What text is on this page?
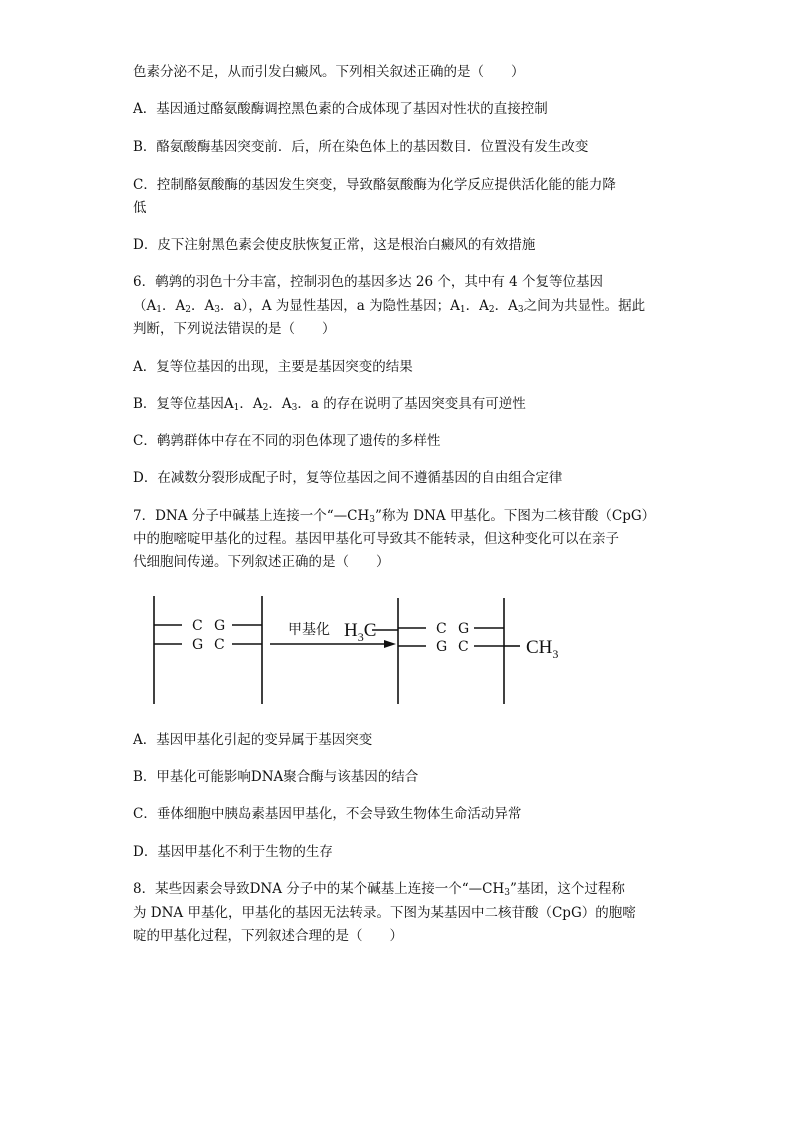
色素分泌不足，从而引发白癜风。下列相关叙述正确的是（　　）
A．基因通过酪氨酸酶调控黑色素的合成体现了基因对性状的直接控制
B．酪氨酸酶基因突变前．后，所在染色体上的基因数目．位置没有发生改变
C．控制酪氨酸酶的基因发生突变，导致酪氨酸酶为化学反应提供活化能的能力降
低
D．皮下注射黑色素会使皮肤恢复正常，这是根治白癜风的有效措施
6．鹌鹑的羽色十分丰富，控制羽色的基因多达 26 个，其中有 4 个复等位基因
（$A_1$．$A_2$．$A_3$．a），A 为显性基因，a 为隐性基因；$A_1$．$A_2$．$A_3$之间为共显性。据此
判断，下列说法错误的是（　　）
A．复等位基因的出现，主要是基因突变的结果
B．复等位基因$A_1$．$A_2$．$A_3$．a 的存在说明了基因突变具有可逆性
C．鹌鹑群体中存在不同的羽色体现了遗传的多样性
D．在减数分裂形成配子时，复等位基因之间不遵循基因的自由组合定律
7．DNA 分子中碱基上连接一个“$—CH_3$”称为 DNA 甲基化。下图为二核苷酸（CpG）
中的胞嘧啶甲基化的过程。基因甲基化可导致其不能转录，但这种变化可以在亲子
代细胞间传递。下列叙述正确的是（　　）
C G
G C
C G
G C
甲基化 $H_3C$
$CH_3$
A．基因甲基化引起的变异属于基因突变
B．甲基化可能影响DNA聚合酶与该基因的结合
C．垂体细胞中胰岛素基因甲基化，不会导致生物体生命活动异常
D．基因甲基化不利于生物的生存
8．某些因素会导致DNA 分子中的某个碱基上连接一个“$—CH_3$”基团，这个过程称
为 DNA 甲基化，甲基化的基因无法转录。下图为某基因中二核苷酸（CpG）的胞嘧
啶的甲基化过程，下列叙述合理的是（　　）
